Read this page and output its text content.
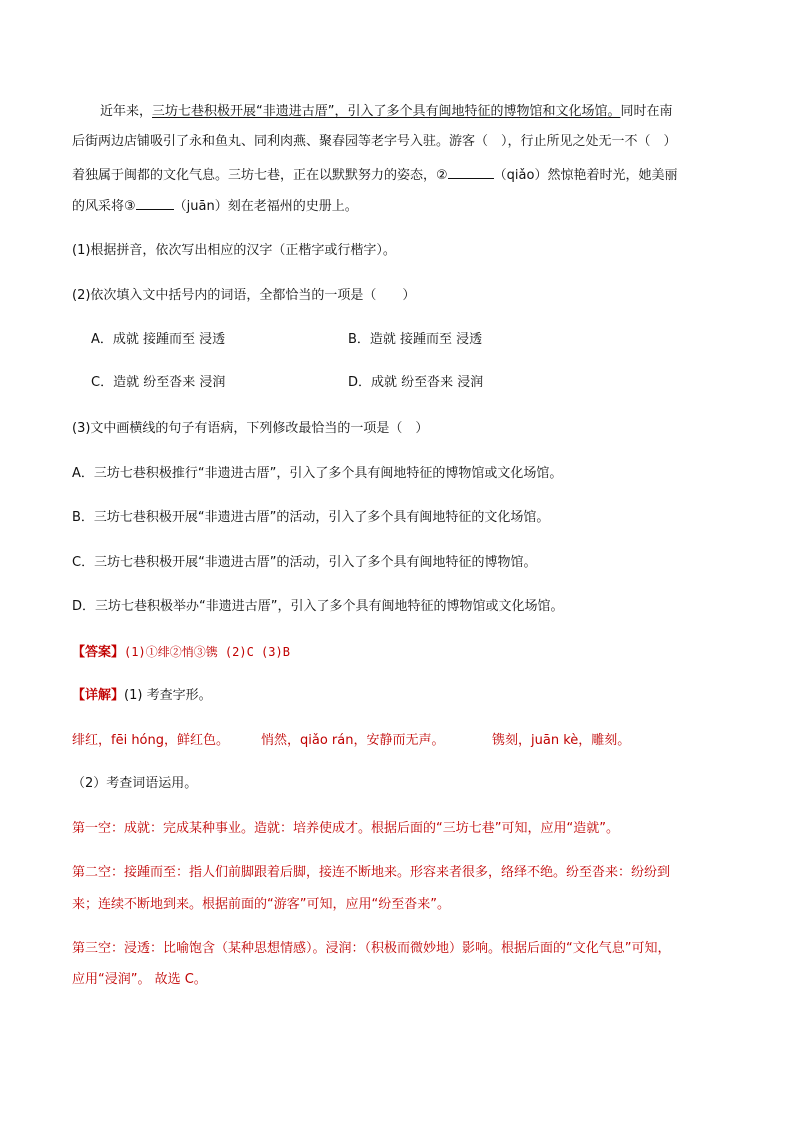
近年来，三坊七巷积极开展“非遗进古厝”，引入了多个具有闽地特征的博物馆和文化场馆。同时在南
后街两边店铺吸引了永和鱼丸、同利肉燕、聚春园等老字号入驻。游客（　），行止所见之处无一不（　）
着独属于闽都的文化气息。三坊七巷，正在以默默努力的姿态，②	（qiǎo）然惊艳着时光，她美丽
的风采将③	（juān）刻在老福州的史册上。
(1)根据拼音，依次写出相应的汉字（正楷字或行楷字）。
(2)依次填入文中括号内的词语，全都恰当的一项是（　　）
A．成就 接踵而至 浸透	B．造就 接踵而至 浸透
C．造就 纷至沓来 浸润	D．成就 纷至沓来 浸润
(3)文中画横线的句子有语病，下列修改最恰当的一项是（　）
A．三坊七巷积极推行“非遗进古厝”，引入了多个具有闽地特征的博物馆或文化场馆。
B．三坊七巷积极开展“非遗进古厝”的活动，引入了多个具有闽地特征的文化场馆。
C．三坊七巷积极开展“非遗进古厝”的活动，引入了多个具有闽地特征的博物馆。
D．三坊七巷积极举办“非遗进古厝”，引入了多个具有闽地特征的博物馆或文化场馆。
【答案】(1)①绯②悄③镌 (2)C (3)B
【详解】(1) 考查字形。
绯红，fēi hóng，鲜红色。 悄然，qiǎo rán，安静而无声。	镌刻，juān kè，雕刻。
（2）考查词语运用。
第一空：成就：完成某种事业。造就：培养使成才。根据后面的“三坊七巷”可知，应用“造就”。
第二空：接踵而至：指人们前脚跟着后脚，接连不断地来。形容来者很多，络绎不绝。纷至沓来：纷纷到
来；连续不断地到来。根据前面的“游客”可知，应用“纷至沓来”。
第三空：浸透：比喻饱含（某种思想情感）。浸润：（积极而微妙地）影响。根据后面的“文化气息”可知，
应用“浸润”。 故选 C。
